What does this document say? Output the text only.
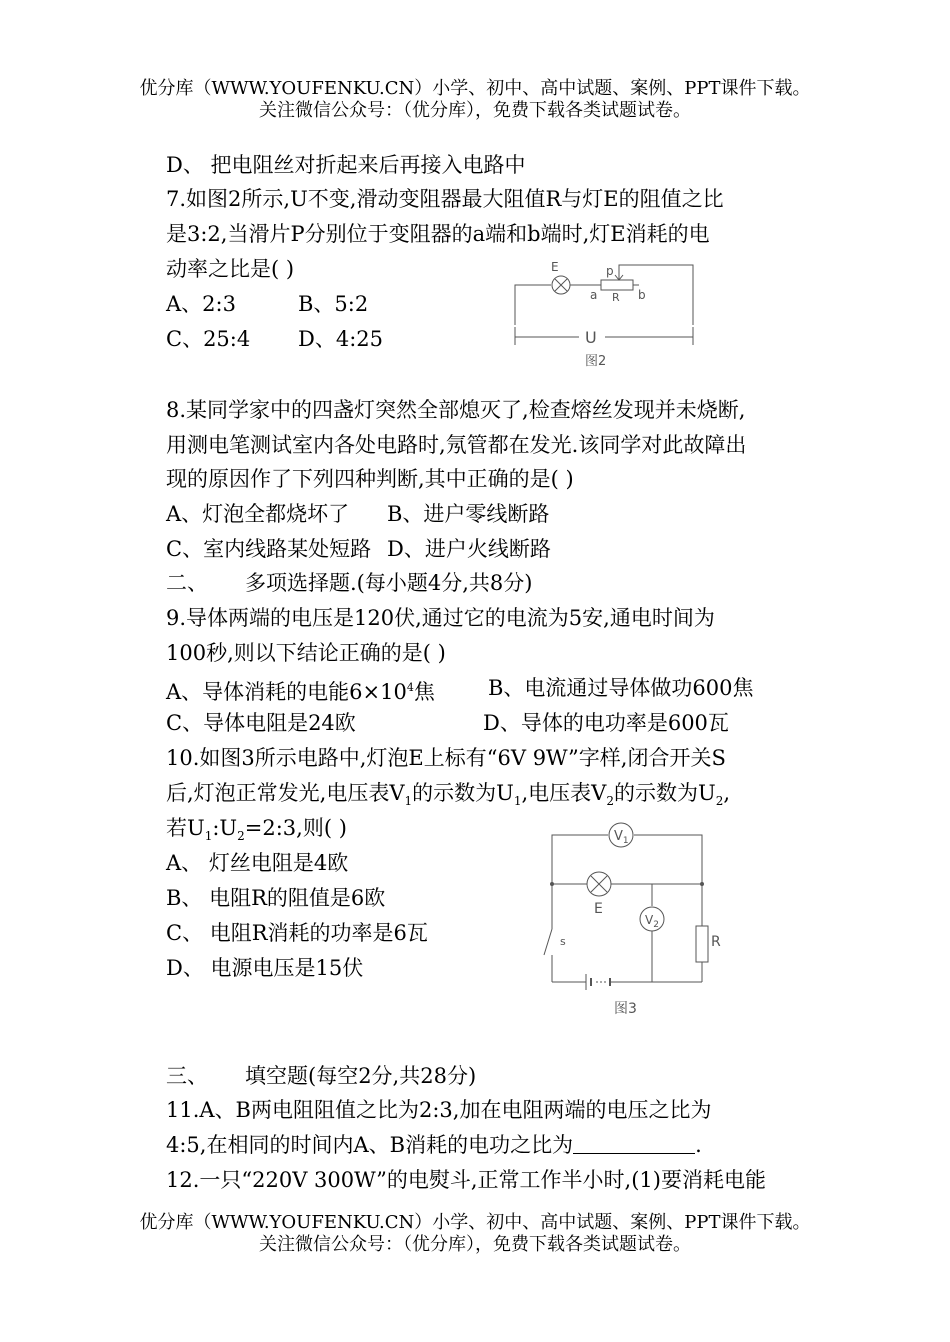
优分库（WWW.YOUFENKU.CN）小学、初中、高中试题、案例、PPT课件下载。
关注微信公众号：（优分库），免费下载各类试题试卷。
D、 把电阻丝对折起来后再接入电路中
7.如图2所示,U不变,滑动变阻器最大阻值R与灯E的阻值之比
是3:2,当滑片P分别位于变阻器的a端和b端时,灯E消耗的电
动率之比是( )
A、2:3	B、5:2
C、25:4 D、4:25
E	p
a R b
U
图2
8.某同学家中的四盏灯突然全部熄灭了,检查熔丝发现并未烧断,
用测电笔测试室内各处电路时,氖管都在发光.该同学对此故障出
现的原因作了下列四种判断,其中正确的是( )
A、灯泡全都烧坏了 B、进户零线断路
C、室内线路某处短路 D、进户火线断路
二、 多项选择题.(每小题4分,共8分)
9.导体两端的电压是120伏,通过它的电流为5安,通电时间为
100秒,则以下结论正确的是( )
A、导体消耗的电能$6\times 10^4$焦	B、电流通过导体做功600焦
C、导体电阻是24欧	D、导体的电功率是600瓦
10.如图3所示电路中,灯泡E上标有“6V 9W”字样,闭合开关S
后,灯泡正常发光,电压表$V_1$的示数为$U_1$,电压表$V_2$的示数为$U_2$,
若$U_1:U_2=2:3$,则( )
A、 灯丝电阻是4欧
B、 电阻R的阻值是6欧
C、 电阻R消耗的功率是6瓦
D、 电源电压是15伏
$V_1$
$V_2$
E
R
s
图3
三、 填空题(每空2分,共28分)
11.A、B两电阻阻值之比为2:3,加在电阻两端的电压之比为
4:5,在相同的时间内A、B消耗的电功之比为	.
12.一只“220V 300W”的电熨斗,正常工作半小时,(1)要消耗电能
优分库（WWW.YOUFENKU.CN）小学、初中、高中试题、案例、PPT课件下载。
关注微信公众号：（优分库），免费下载各类试题试卷。
